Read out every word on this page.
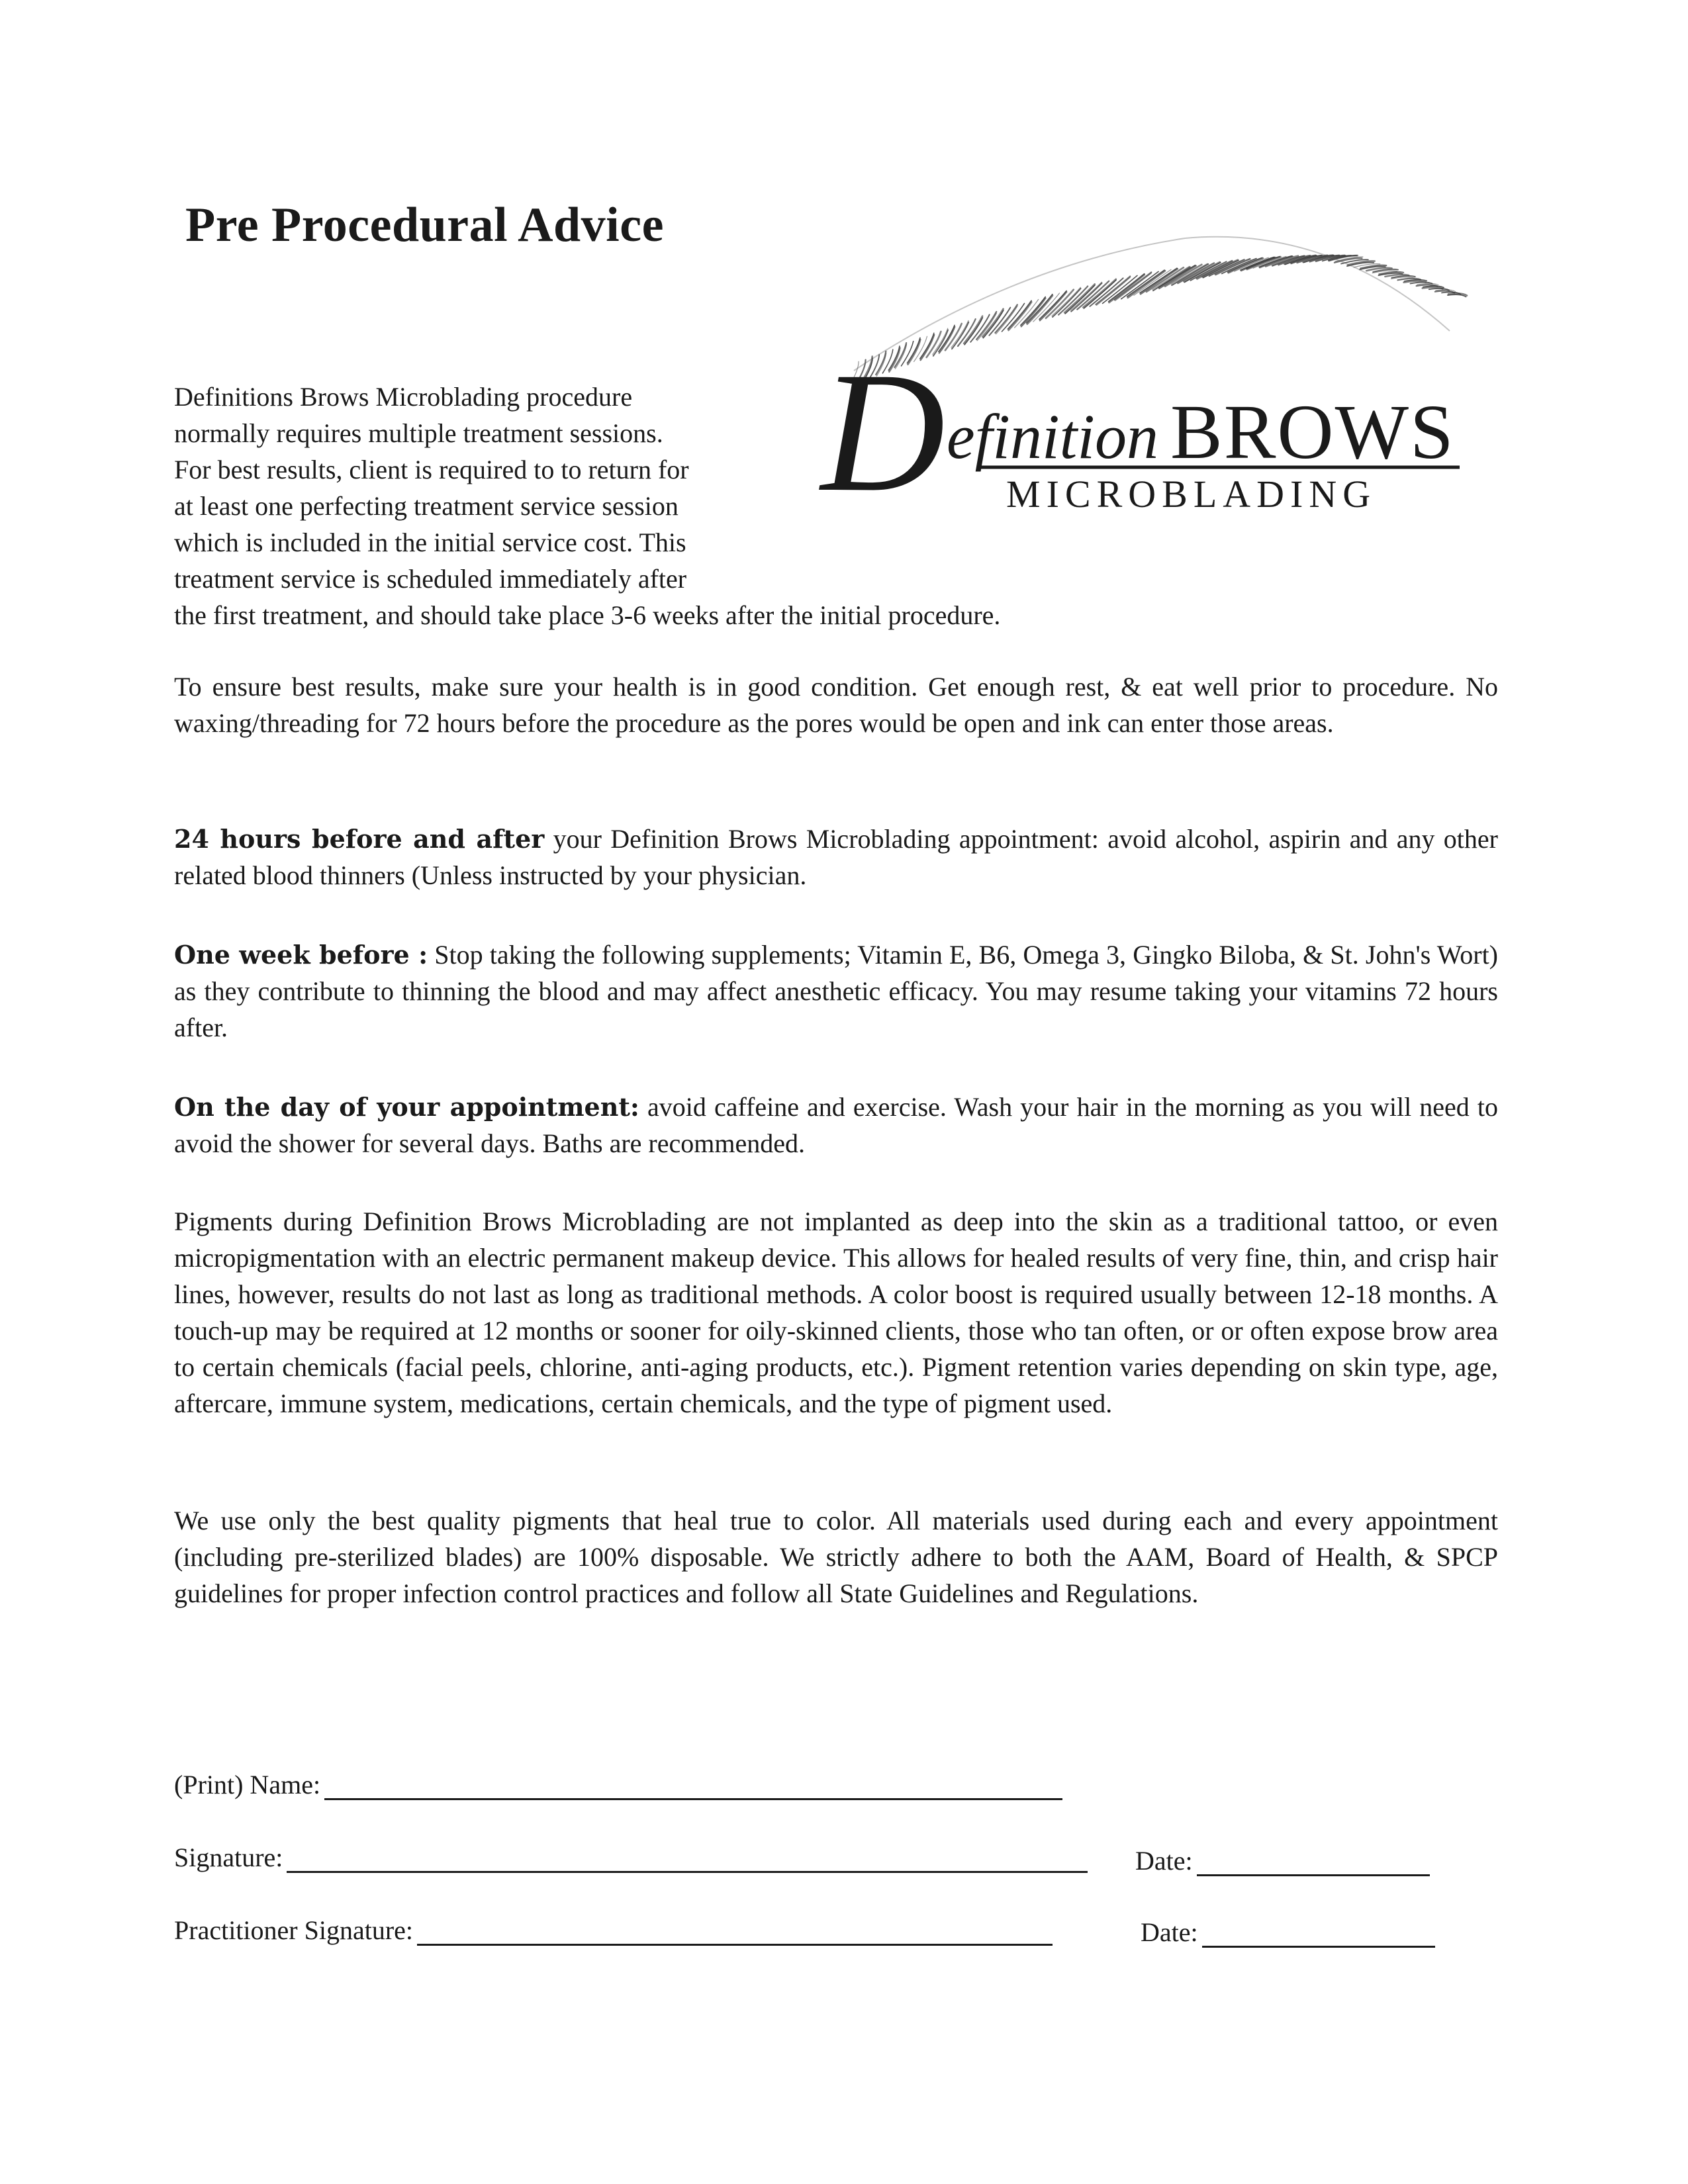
Pre Procedural Advice
D efinition BROWS
MICROBLADING
Definitions Brows Microblading procedure
normally requires multiple treatment sessions.
For best results, client is required to to return for
at least one perfecting treatment service session
which is included in the initial service cost. This
treatment service is scheduled immediately after
the first treatment, and should take place 3-6 weeks after the initial procedure.

To ensure best results, make sure your health is in good condition. Get enough rest, & eat well prior to procedure. No waxing/threading for 72 hours before the procedure as the pores would be open and ink can enter those areas.

24 hours before and after your Definition Brows Microblading appointment: avoid alcohol, aspirin and any other related blood thinners (Unless instructed by your physician.

One week before : Stop taking the following supplements; Vitamin E, B6, Omega 3, Gingko Biloba, & St. John's Wort) as they contribute to thinning the blood and may affect anesthetic efficacy. You may resume taking your vitamins 72 hours after.

On the day of your appointment: avoid caffeine and exercise. Wash your hair in the morning as you will need to avoid the shower for several days. Baths are recommended.

Pigments during Definition Brows Microblading are not implanted as deep into the skin as a traditional tattoo, or even micropigmentation with an electric permanent makeup device. This allows for healed results of very fine, thin, and crisp hair lines, however, results do not last as long as traditional methods. A color boost is required usually between 12-18 months. A touch-up may be required at 12 months or sooner for oily-skinned clients, those who tan often, or or often expose brow area to certain chemicals (facial peels, chlorine, anti-aging products, etc.). Pigment retention varies depending on skin type, age, aftercare, immune system, medications, certain chemicals, and the type of pigment used.

We use only the best quality pigments that heal true to color. All materials used during each and every appointment (including pre-sterilized blades) are 100% disposable. We strictly adhere to both the AAM, Board of Health, & SPCP guidelines for proper infection control practices and follow all State Guidelines and Regulations.

(Print) Name:
Signature:	Date:
Practitioner Signature:	Date:
